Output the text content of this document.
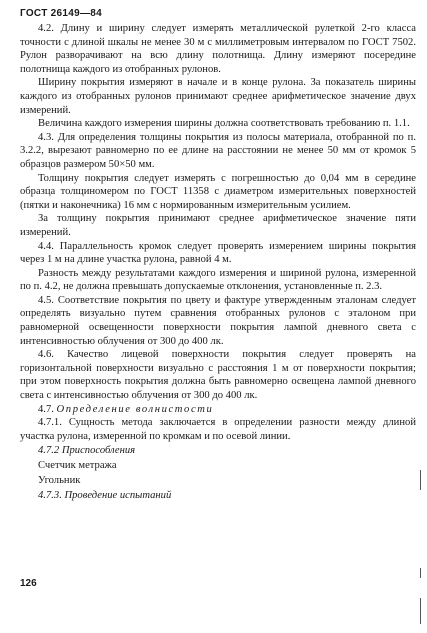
ГОСТ 26149—84

4.2. Длину и ширину следует измерять металлической рулеткой 2-го класса точности с длиной шкалы не менее 30 м с миллиметровым интервалом по ГОСТ 7502. Рулон разворачивают на всю длину полотнища. Длину измеряют посередине полотнища каждого из отобранных рулонов.

Ширину покрытия измеряют в начале и в конце рулона. За показатель ширины каждого из отобранных рулонов принимают среднее арифметическое значение двух измерений.

Величина каждого измерения ширины должна соответствовать требованию п. 1.1.

4.3. Для определения толщины покрытия из полосы материала, отобранной по п. 3.2.2, вырезают равномерно по ее длине на расстоянии не менее 50 мм от кромок 5 образцов размером 50×50 мм.

Толщину покрытия следует измерять с погрешностью до 0,04 мм в середине образца толщиномером по ГОСТ 11358 с диаметром измерительных поверхностей (пятки и наконечника) 16 мм с нормированным измерительным усилием.

За толщину покрытия принимают среднее арифметическое значение пяти измерений.

4.4. Параллельность кромок следует проверять измерением ширины покрытия через 1 м на длине участка рулона, равной 4 м.

Разность между результатами каждого измерения и шириной рулона, измеренной по п. 4.2, не должна превышать допускаемые отклонения, установленные п. 2.3.

4.5. Соответствие покрытия по цвету и фактуре утвержденным эталонам следует определять визуально путем сравнения отобранных рулонов с эталоном при равномерной освещенности поверхности покрытия лампой дневного света с интенсивностью облучения от 300 до 400 лк.

4.6. Качество лицевой поверхности покрытия следует проверять на горизонтальной поверхности визуально с расстояния 1 м от поверхности покрытия; при этом поверхность покрытия должна быть равномерно освещена лампой дневного света с интенсивностью облучения от 300 до 400 лк.

4.7. Определение волнистости

4.7.1. Сущность метода заключается в определении разности между длиной участка рулона, измеренной по кромкам и по осевой линии.

4.7.2 Приспособления

Счетчик метража

Угольник

4.7.3. Проведение испытаний

126
